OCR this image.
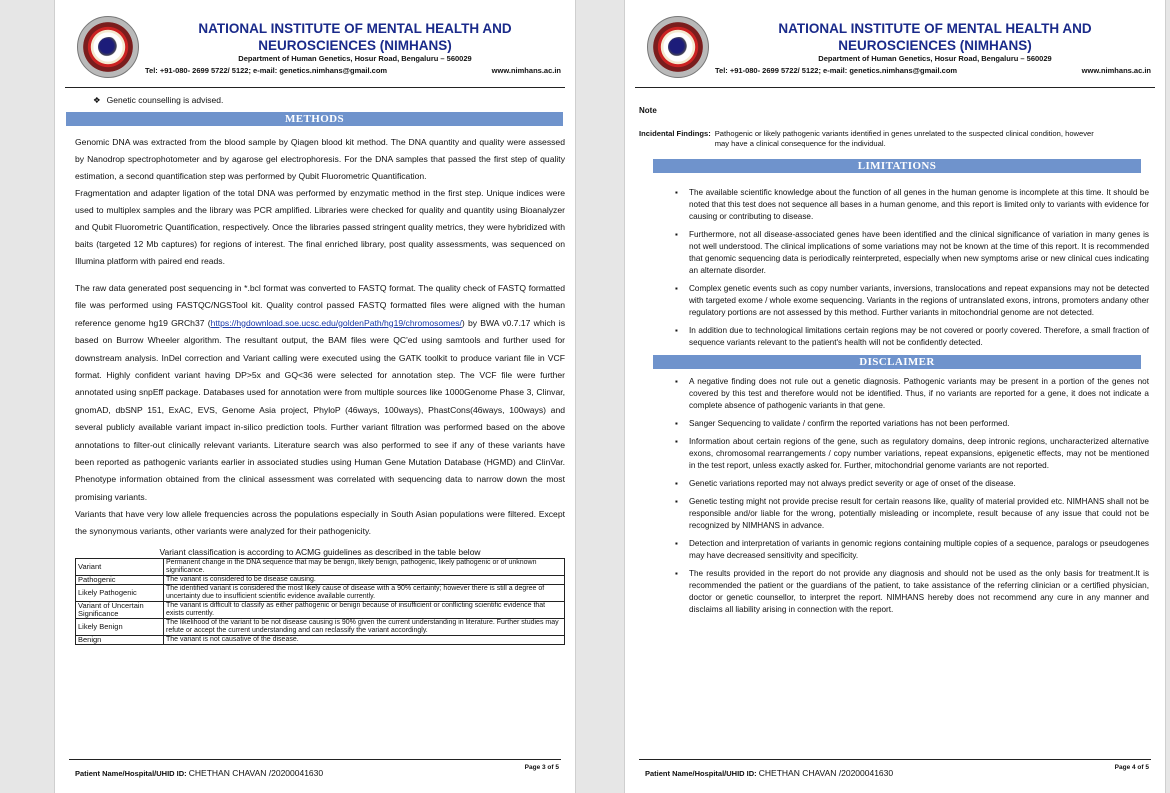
NATIONAL INSTITUTE OF MENTAL HEALTH AND
NEUROSCIENCES (NIMHANS)
Department of Human Genetics, Hosur Road, Bengaluru – 560029
Tel: +91-080- 2699 5722/ 5122; e-mail: genetics.nimhans@gmail.com	www.nimhans.ac.in
❖ Genetic counselling is advised.
METHODS

Genomic DNA was extracted from the blood sample by Qiagen blood kit method. The DNA quantity and quality were assessed by Nanodrop spectrophotometer and by agarose gel electrophoresis. For the DNA samples that passed the first step of quality estimation, a second quantification step was performed by Qubit Fluorometric Quantification.

Fragmentation and adapter ligation of the total DNA was performed by enzymatic method in the first step. Unique indices were used to multiplex samples and the library was PCR amplified. Libraries were checked for quality and quantity using Bioanalyzer and Qubit Fluorometric Quantification, respectively. Once the libraries passed stringent quality metrics, they were hybridized with baits (targeted 12 Mb captures) for regions of interest. The final enriched library, post quality assessments, was sequenced on Illumina platform with paired end reads.

The raw data generated post sequencing in *.bcl format was converted to FASTQ format. The quality check of FASTQ formatted file was performed using FASTQC/NGSTool kit. Quality control passed FASTQ formatted files were aligned with the human reference genome hg19 GRCh37 (https://hgdownload.soe.ucsc.edu/goldenPath/hg19/chromosomes/) by BWA v0.7.17 which is based on Burrow Wheeler algorithm. The resultant output, the BAM files were QC'ed using samtools and further used for downstream analysis. InDel correction and Variant calling were executed using the GATK toolkit to produce variant file in VCF format. Highly confident variant having DP>5x and GQ<36 were selected for annotation step. The VCF file were further annotated using snpEff package. Databases used for annotation were from multiple sources like 1000Genome Phase 3, Clinvar, gnomAD, dbSNP 151, ExAC, EVS, Genome Asia project, PhyloP (46ways, 100ways), PhastCons(46ways, 100ways) and several publicly available variant impact in-silico prediction tools. Further variant filtration was performed based on the above annotations to filter-out clinically relevant variants. Literature search was also performed to see if any of these variants have been reported as pathogenic variants earlier in associated studies using Human Gene Mutation Database (HGMD) and ClinVar. Phenotype information obtained from the clinical assessment was correlated with sequencing data to narrow down the most promising variants.

Variants that have very low allele frequencies across the populations especially in South Asian populations were filtered. Except the synonymous variants, other variants were analyzed for their pathogenicity.

Variant classification is according to ACMG guidelines as described in the table below
Variant	Permanent change in the DNA sequence that may be benign, likely benign, pathogenic, likely pathogenic or of unknown significance.
Pathogenic	The variant is considered to be disease causing.
Likely Pathogenic	The identified variant is considered the most likely cause of disease with a 90% certainty; however there is still a degree of uncertainty due to insufficient scientific evidence available currently.
Variant of Uncertain Significance	The variant is difficult to classify as either pathogenic or benign because of insufficient or conflicting scientific evidence that exists currently.
Likely Benign	The likelihood of the variant to be not disease causing is 90% given the current understanding in literature. Further studies may refute or accept the current understanding and can reclassify the variant accordingly.
Benign	The variant is not causative of the disease.
Patient Name/Hospital/UHID ID: CHETHAN CHAVAN /20200041630
Page 3 of 5
NATIONAL INSTITUTE OF MENTAL HEALTH AND
NEUROSCIENCES (NIMHANS)
Department of Human Genetics, Hosur Road, Bengaluru – 560029
Tel: +91-080- 2699 5722/ 5122; e-mail: genetics.nimhans@gmail.com	www.nimhans.ac.in
Note
Incidental Findings: Pathogenic or likely pathogenic variants identified in genes unrelated to the suspected clinical condition, however may have a clinical consequence for the individual.
LIMITATIONS
▪ The available scientific knowledge about the function of all genes in the human genome is incomplete at this time. It should be noted that this test does not sequence all bases in a human genome, and this report is limited only to variants with evidence for causing or contributing to disease.
▪ Furthermore, not all disease-associated genes have been identified and the clinical significance of variation in many genes is not well understood. The clinical implications of some variations may not be known at the time of this report. It is recommended that genomic sequencing data is periodically reinterpreted, especially when new symptoms arise or new clinical cues indicating an alternate disorder.
▪ Complex genetic events such as copy number variants, inversions, translocations and repeat expansions may not be detected with targeted exome / whole exome sequencing. Variants in the regions of untranslated exons, introns, promoters andany other regulatory portions are not assessed by this method. Further variants in mitochondrial genome are not detected.
▪ In addition due to technological limitations certain regions may be not covered or poorly covered. Therefore, a small fraction of sequence variants relevant to the patient's health will not be confidently detected.
DISCLAIMER
▪ A negative finding does not rule out a genetic diagnosis. Pathogenic variants may be present in a portion of the genes not covered by this test and therefore would not be identified. Thus, if no variants are reported for a gene, it does not indicate a complete absence of pathogenic variants in that gene.
▪ Sanger Sequencing to validate / confirm the reported variations has not been performed.
▪ Information about certain regions of the gene, such as regulatory domains, deep intronic regions, uncharacterized alternative exons, chromosomal rearrangements / copy number variations, repeat expansions, epigenetic effects, may not be mentioned in the test report, unless exactly asked for. Further, mitochondrial genome variants are not reported.
▪ Genetic variations reported may not always predict severity or age of onset of the disease.
▪ Genetic testing might not provide precise result for certain reasons like, quality of material provided etc. NIMHANS shall not be responsible and/or liable for the wrong, potentially misleading or incomplete, result because of any issue that could not be recognized by NIMHANS in advance.
▪ Detection and interpretation of variants in genomic regions containing multiple copies of a sequence, paralogs or pseudogenes may have decreased sensitivity and specificity.
▪ The results provided in the report do not provide any diagnosis and should not be used as the only basis for treatment.It is recommended the patient or the guardians of the patient, to take assistance of the referring clinician or a certified physician, doctor or genetic counsellor, to interpret the report. NIMHANS hereby does not recommend any cure in any manner and disclaims all liability arising in connection with the report.
Patient Name/Hospital/UHID ID: CHETHAN CHAVAN /20200041630
Page 4 of 5
